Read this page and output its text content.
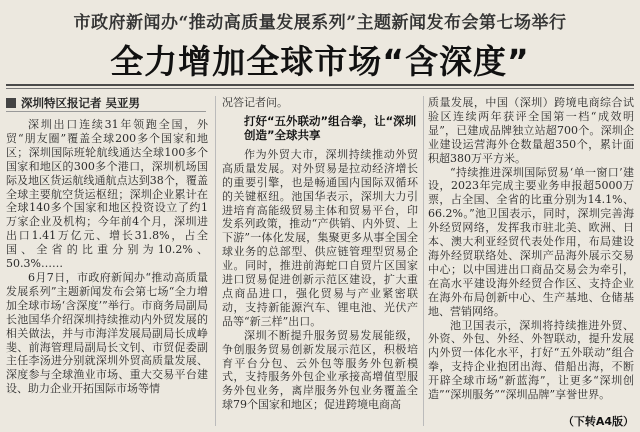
市政府新闻办“推动高质量发展系列”主题新闻发布会第七场举行
全力增加全球市场“含深度”
深圳特区报记者 吴亚男

深圳出口连续31年领跑全国，外贸“朋友圈”覆盖全球200多个国家和地区；深圳国际班轮航线通达全球100多个国家和地区的300多个港口，深圳机场国际及地区货运航线通航点达到38个，覆盖全球主要航空货运枢纽；深圳企业累计在全球140多个国家和地区投资设立了约1万家企业及机构；今年前4个月，深圳进出口1.41万亿元、增长31.8%，占全国、全省的比重分别为10.2%、50.3%……

6月7日，市政府新闻办“推动高质量发展系列”主题新闻发布会第七场“全力增加全球市场‘含深度’”举行。市商务局副局长池国华介绍深圳持续推动内外贸发展的相关做法，并与市海洋发展局副局长成峥斐、前海管理局副局长文钊、市贸促委副主任李汤进分别就深圳外贸高质量发展、深度参与全球渔业市场、重大交易平台建设、助力企业开拓国际市场等情

况答记者问。

打好“五外联动”组合拳，让“深圳创造”全球共享

作为外贸大市，深圳持续推动外贸高质量发展。对外贸易是拉动经济增长的重要引擎，也是畅通国内国际双循环的关键枢纽。池国华表示，深圳大力引进培育高能级贸易主体和贸易平台，印发系列政策，推动“产供销、内外贸、上下游”一体化发展，集聚更多从事全国全球业务的总部型、供应链管理型贸易企业。同时，推进前海蛇口自贸片区国家进口贸易促进创新示范区建设，扩大重点商品进口，强化贸易与产业紧密联动，支持新能源汽车、锂电池、光伏产品等“新三样”出口。

深圳不断提升服务贸易发展能级，争创服务贸易创新发展示范区，积极培育平台分包、云外包等服务外包新模式，支持服务外包企业承接高增值型服务外包业务，离岸服务外包业务覆盖全球79个国家和地区；促进跨境电商高

质量发展，中国（深圳）跨境电商综合试验区连续两年获评全国第一档“成效明显”，已建成品牌独立站超700个。深圳企业建设运营海外仓数量超350个，累计面积超380万平方米。

“持续推进深圳国际贸易‘单一窗口’建设，2023年完成主要业务申报超5000万票，占全国、全省的比重分别为14.1%、66.2%。”池卫国表示，同时，深圳完善海外经贸网络，发挥我市驻北美、欧洲、日本、澳大利亚经贸代表处作用，布局建设海外经贸联络处、深圳产品海外展示交易中心；以中国进出口商品交易会为牵引，在高水平建设海外经贸合作区、支持企业在海外布局创新中心、生产基地、仓储基地、营销网络。

池卫国表示，深圳将持续推进外贸、外资、外包、外经、外智联动，提升发展内外贸一体化水平，打好“五外联动”组合拳，支持企业抱团出海、借船出海，不断开辟全球市场“新蓝海”，让更多“深圳创造”“深圳服务”“深圳品牌”享誉世界。

（下转A4版）
